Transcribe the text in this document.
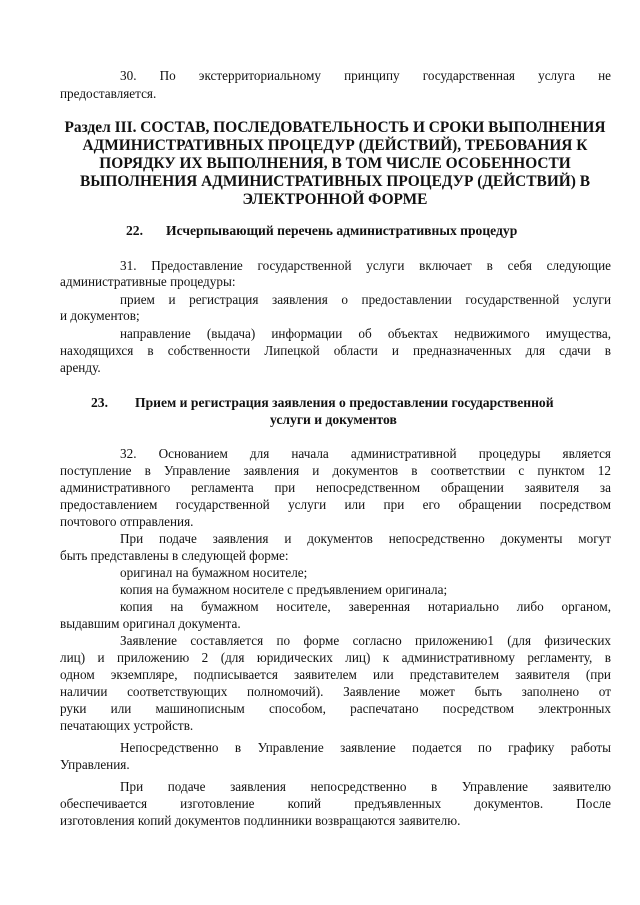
30. По экстерриториальному принципу государственная услуга не
предоставляется.
Раздел III. СОСТАВ, ПОСЛЕДОВАТЕЛЬНОСТЬ И СРОКИ ВЫПОЛНЕНИЯ
АДМИНИСТРАТИВНЫХ ПРОЦЕДУР (ДЕЙСТВИЙ), ТРЕБОВАНИЯ К
ПОРЯДКУ ИХ ВЫПОЛНЕНИЯ, В ТОМ ЧИСЛЕ ОСОБЕННОСТИ
ВЫПОЛНЕНИЯ АДМИНИСТРАТИВНЫХ ПРОЦЕДУР (ДЕЙСТВИЙ) В
ЭЛЕКТРОННОЙ ФОРМЕ
22. Исчерпывающий перечень административных процедур
31. Предоставление государственной услуги включает в себя следующие
административные процедуры:
прием и регистрация заявления о предоставлении государственной услуги
и документов;
направление (выдача) информации об объектах недвижимого имущества,
находящихся в собственности Липецкой области и предназначенных для сдачи в
аренду.
23. Прием и регистрация заявления о предоставлении государственной
услуги и документов
32. Основанием для начала административной процедуры является
поступление в Управление заявления и документов в соответствии с пунктом 12
административного регламента при непосредственном обращении заявителя за
предоставлением государственной услуги или при его обращении посредством
почтового отправления.
При подаче заявления и документов непосредственно документы могут
быть представлены в следующей форме:
оригинал на бумажном носителе;
копия на бумажном носителе с предъявлением оригинала;
копия на бумажном носителе, заверенная нотариально либо органом,
выдавшим оригинал документа.
Заявление составляется по форме согласно приложению1 (для физических
лиц) и приложению 2 (для юридических лиц) к административному регламенту, в
одном экземпляре, подписывается заявителем или представителем заявителя (при
наличии соответствующих полномочий). Заявление может быть заполнено от
руки или машинописным способом, распечатано посредством электронных
печатающих устройств.
Непосредственно в Управление заявление подается по графику работы
Управления.
При подаче заявления непосредственно в Управление заявителю
обеспечивается изготовление копий предъявленных документов. После
изготовления копий документов подлинники возвращаются заявителю.
